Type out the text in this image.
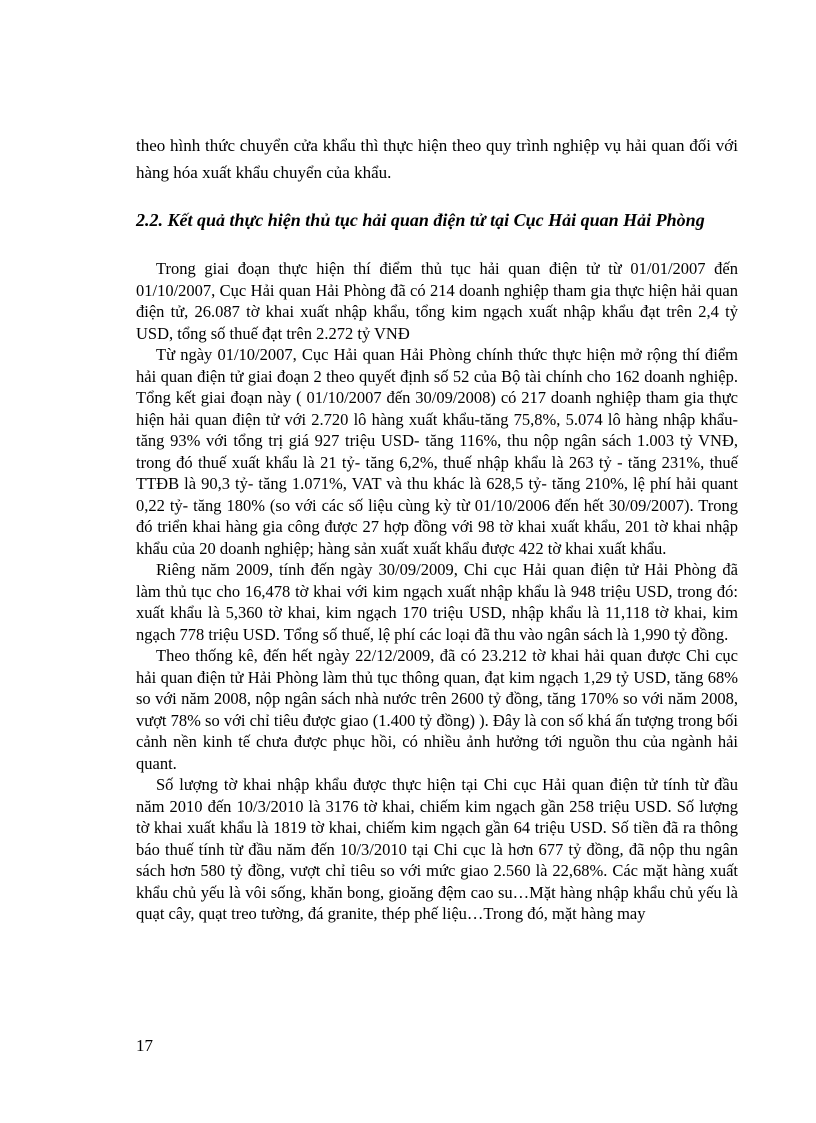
theo hình thức chuyển cửa khẩu thì thực hiện theo quy trình nghiệp vụ hải quan đối với hàng hóa xuất khẩu chuyển của khẩu.

2.2. Kết quả thực hiện thủ tục hải quan điện tử tại Cục Hải quan Hải Phòng

Trong giai đoạn thực hiện thí điểm thủ tục hải quan điện tử từ 01/01/2007 đến 01/10/2007, Cục Hải quan Hải Phòng đã có 214 doanh nghiệp tham gia thực hiện hải quan điện tử, 26.087 tờ khai xuất nhập khẩu, tổng kim ngạch xuất nhập khẩu đạt trên 2,4 tỷ USD, tổng số thuế đạt trên 2.272 tỷ VNĐ

Từ ngày 01/10/2007, Cục Hải quan Hải Phòng chính thức thực hiện mở rộng thí điểm hải quan điện tử giai đoạn 2 theo quyết định số 52 của Bộ tài chính cho 162 doanh nghiệp. Tổng kết giai đoạn này ( 01/10/2007 đến 30/09/2008) có 217 doanh nghiệp tham gia thực hiện hải quan điện tử với 2.720 lô hàng xuất khẩu-tăng 75,8%, 5.074 lô hàng nhập khẩu- tăng 93% với tổng trị giá 927 triệu USD- tăng 116%, thu nộp ngân sách 1.003 tỷ VNĐ, trong đó thuế xuất khẩu là 21 tỷ- tăng 6,2%, thuế nhập khẩu là 263 tỷ - tăng 231%, thuế TTĐB là 90,3 tỷ- tăng 1.071%, VAT và thu khác là 628,5 tỷ- tăng 210%, lệ phí hải quant 0,22 tỷ- tăng 180% (so với các số liệu cùng kỳ từ 01/10/2006 đến hết 30/09/2007). Trong đó triển khai hàng gia công được 27 hợp đồng với 98 tờ khai xuất khẩu, 201 tờ khai nhập khẩu của 20 doanh nghiệp; hàng sản xuất xuất khẩu được 422 tờ khai xuất khẩu.

Riêng năm 2009, tính đến ngày 30/09/2009, Chi cục Hải quan điện tử Hải Phòng đã làm thủ tục cho 16,478 tờ khai với kim ngạch xuất nhập khẩu là 948 triệu USD, trong đó: xuất khẩu là 5,360 tờ khai, kim ngạch 170 triệu USD, nhập khẩu là 11,118 tờ khai, kim ngạch 778 triệu USD. Tổng số thuế, lệ phí các loại đã thu vào ngân sách là 1,990 tỷ đồng.

Theo thống kê, đến hết ngày 22/12/2009, đã có 23.212 tờ khai hải quan được Chi cục hải quan điện tử Hải Phòng làm thủ tục thông quan, đạt kim ngạch 1,29 tỷ USD, tăng 68% so với năm 2008, nộp ngân sách nhà nước trên 2600 tỷ đồng, tăng 170% so với năm 2008, vượt 78% so với chỉ tiêu được giao (1.400 tỷ đồng) ). Đây là con số khá ấn tượng trong bối cảnh nền kinh tế chưa được phục hồi, có nhiều ảnh hưởng tới nguồn thu của ngành hải quant.

Số lượng tờ khai nhập khẩu được thực hiện tại Chi cục Hải quan điện tử tính từ đầu năm 2010 đến 10/3/2010 là 3176 tờ khai, chiếm kim ngạch gần 258 triệu USD. Số lượng tờ khai xuất khẩu là 1819 tờ khai, chiếm kim ngạch gần 64 triệu USD. Số tiền đã ra thông báo thuế tính từ đầu năm đến 10/3/2010 tại Chi cục là hơn 677 tỷ đồng, đã nộp thu ngân sách hơn 580 tỷ đồng, vượt chỉ tiêu so với mức giao 2.560 là 22,68%. Các mặt hàng xuất khẩu chủ yếu là vôi sống, khăn bong, gioăng đệm cao su…Mặt hàng nhập khẩu chủ yếu là quạt cây, quạt treo tường, đá granite, thép phế liệu…Trong đó, mặt hàng may

17
